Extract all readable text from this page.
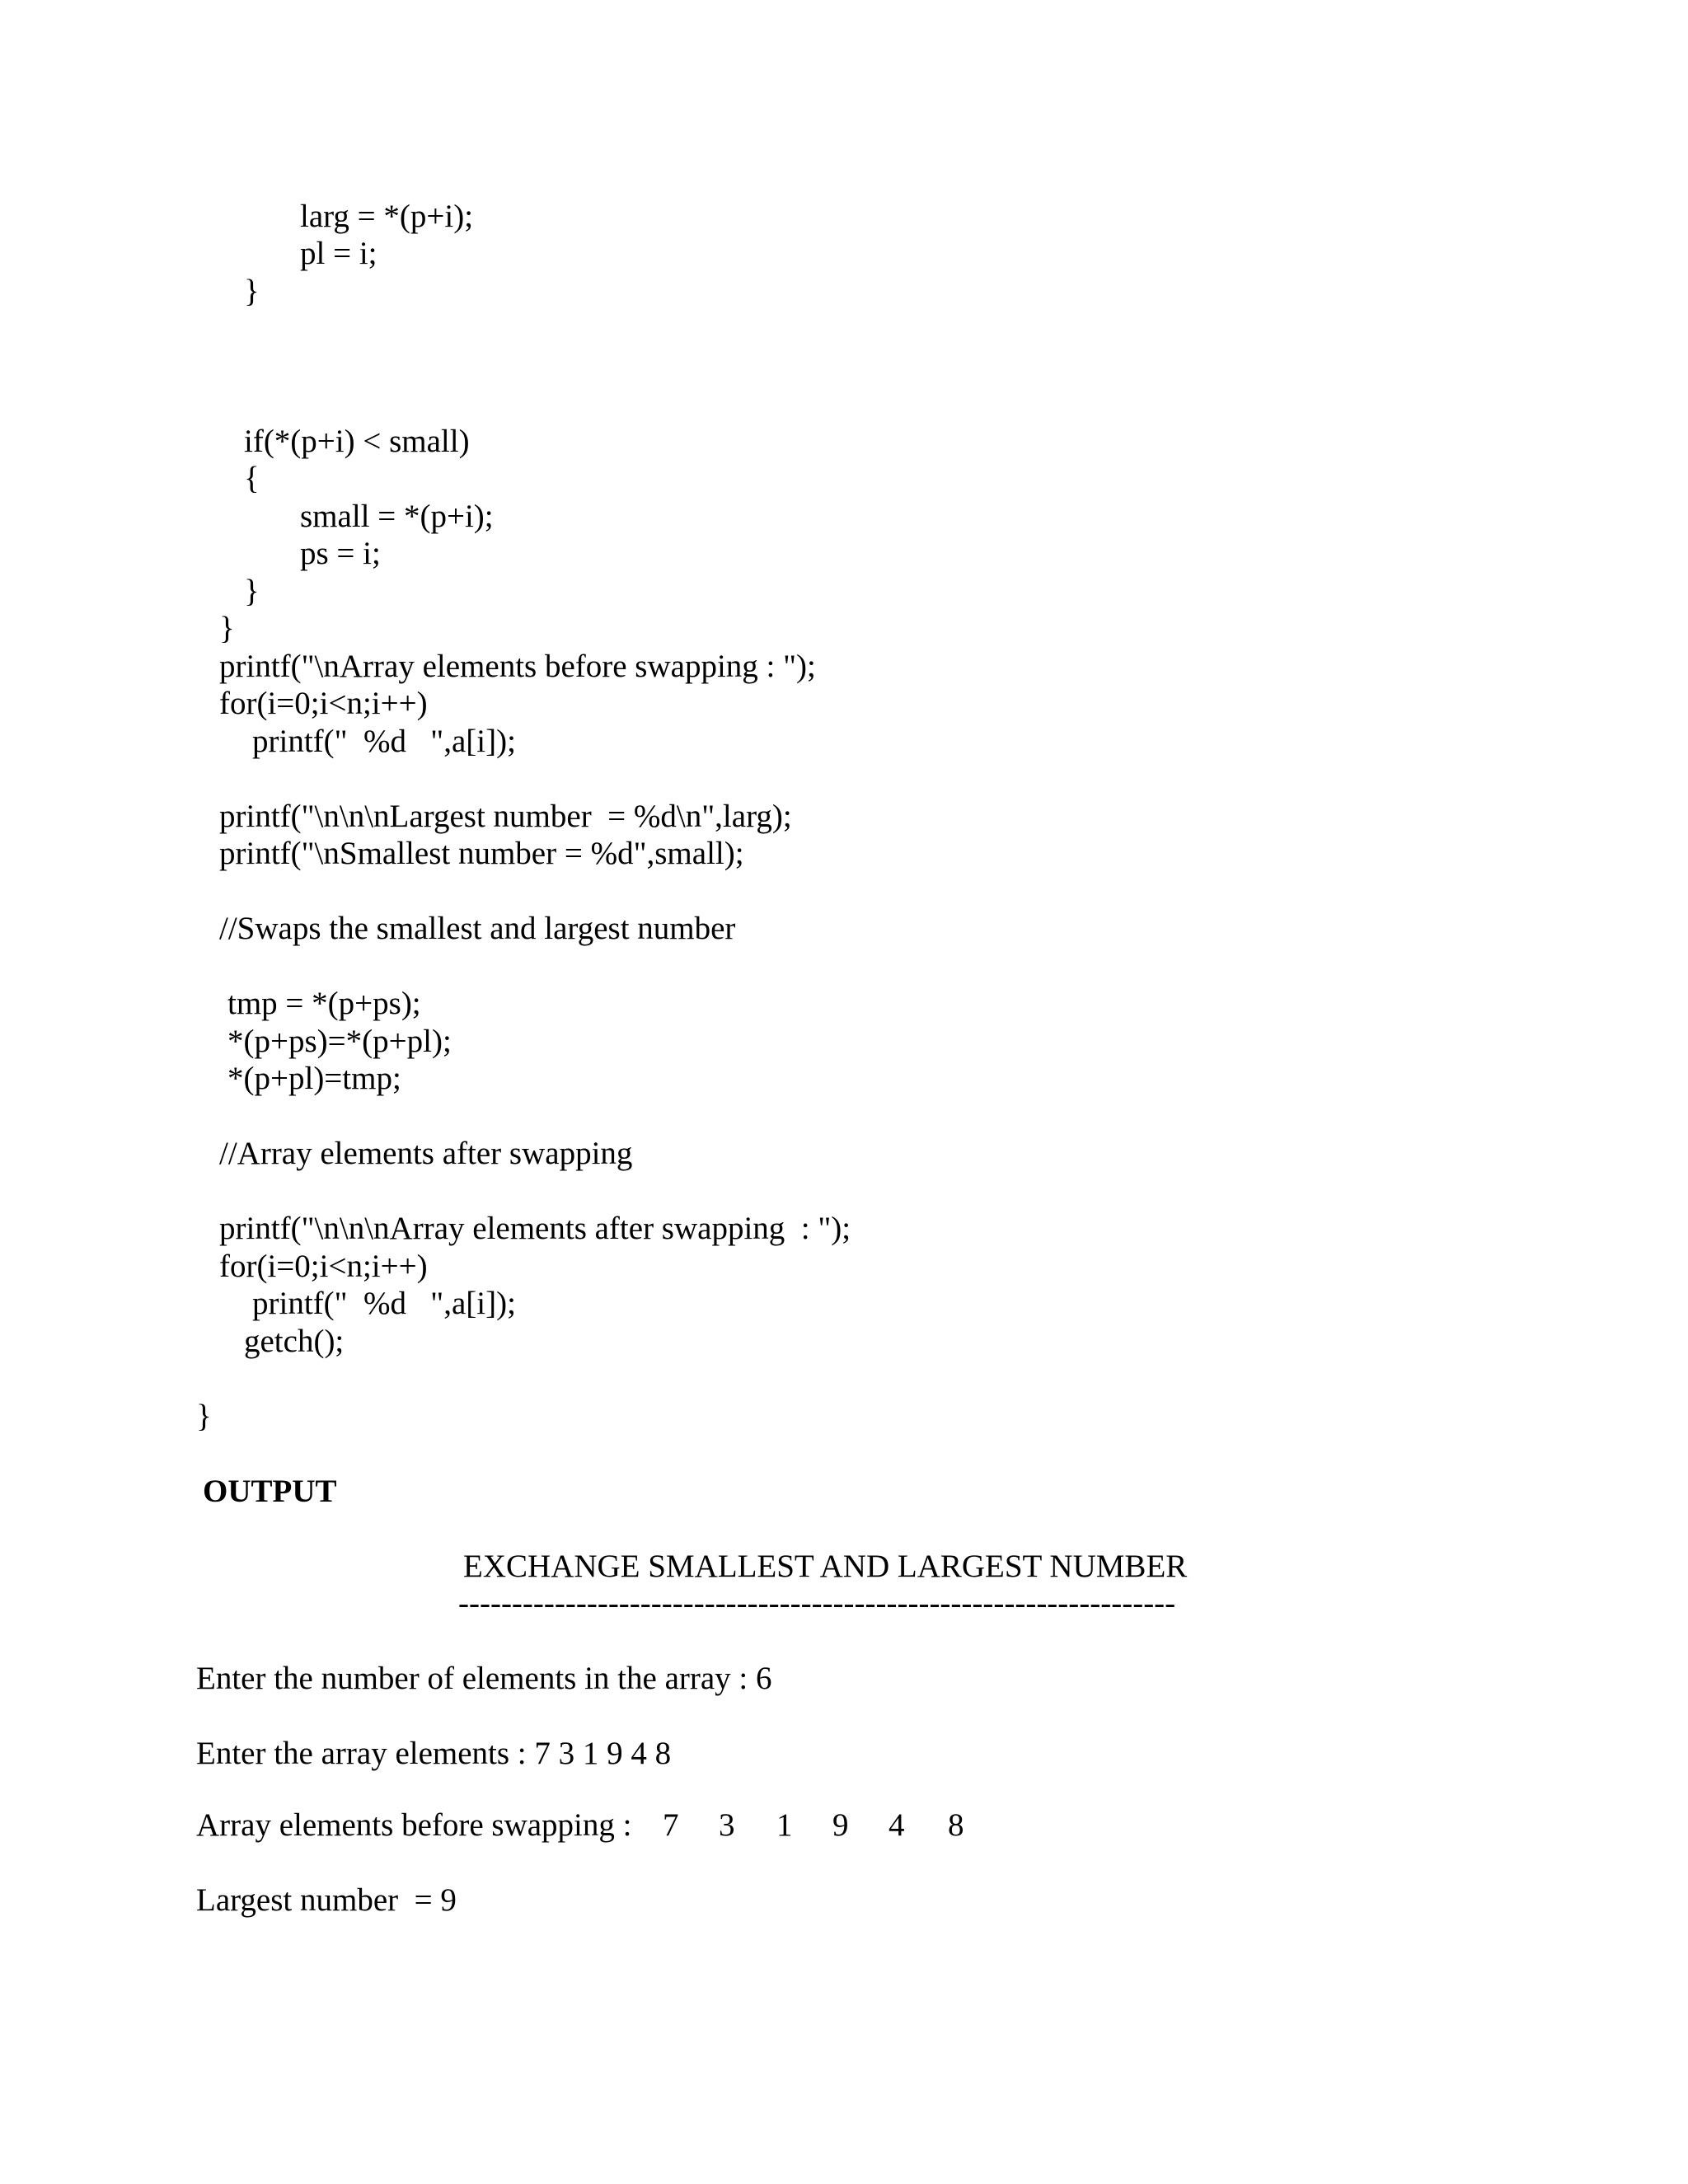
larg = *(p+i);
pl = i;
}
if(*(p+i) < small)
{
small = *(p+i);
ps = i;
}
}
printf("\nArray elements before swapping : ");
for(i=0;i<n;i++)
printf("  %d   ",a[i]);
printf("\n\n\nLargest number  = %d\n",larg);
printf("\nSmallest number = %d",small);
//Swaps the smallest and largest number
tmp = *(p+ps);
*(p+ps)=*(p+pl);
*(p+pl)=tmp;
//Array elements after swapping
printf("\n\n\nArray elements after swapping  : ");
for(i=0;i<n;i++)
printf("  %d   ",a[i]);
getch();
}
OUTPUT
EXCHANGE SMALLEST AND LARGEST NUMBER
-------------------------------------------------------------------
Enter the number of elements in the array : 6
Enter the array elements : 7 3 1 9 4 8
Array elements before swapping : 7 3 1 9 4 8
Largest number  = 9
